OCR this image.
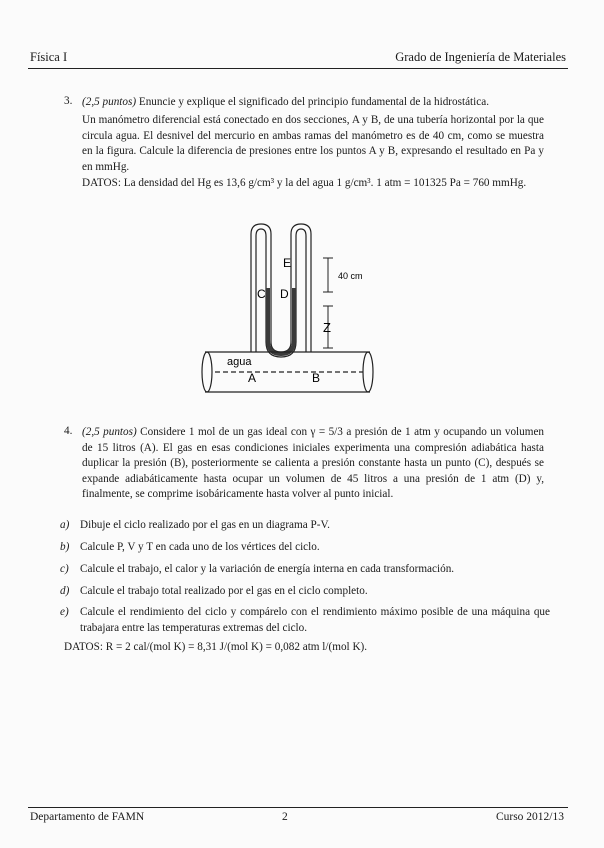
Física I	Grado de Ingeniería de Materiales
3. (2,5 puntos) Enuncie y explique el significado del principio fundamental de la hidrostática.
Un manómetro diferencial está conectado en dos secciones, A y B, de una tubería horizontal por la que circula agua. El desnivel del mercurio en ambas ramas del manómetro es de 40 cm, como se muestra en la figura. Calcule la diferencia de presiones entre los puntos A y B, expresando el resultado en Pa y en mmHg.
DATOS: La densidad del Hg es 13,6 g/cm³ y la del agua 1 g/cm³. 1 atm = 101325 Pa = 760 mmHg.
E
C D
40 cm
Z
agua
A	B
4. (2,5 puntos) Considere 1 mol de un gas ideal con γ = 5/3 a presión de 1 atm y ocupando un volumen de 15 litros (A). El gas en esas condiciones iniciales experimenta una compresión adiabática hasta duplicar la presión (B), posteriormente se calienta a presión constante hasta un punto (C), después se expande adiabáticamente hasta ocupar un volumen de 45 litros a una presión de 1 atm (D) y, finalmente, se comprime isobáricamente hasta volver al punto inicial.
a) Dibuje el ciclo realizado por el gas en un diagrama P-V.
b) Calcule P, V y T en cada uno de los vértices del ciclo.
c) Calcule el trabajo, el calor y la variación de energía interna en cada transformación.
d) Calcule el trabajo total realizado por el gas en el ciclo completo.
e) Calcule el rendimiento del ciclo y compárelo con el rendimiento máximo posible de una máquina que trabajara entre las temperaturas extremas del ciclo.
DATOS: R = 2 cal/(mol K) = 8,31 J/(mol K) = 0,082 atm l/(mol K).
Departamento de FAMN	2	Curso 2012/13
